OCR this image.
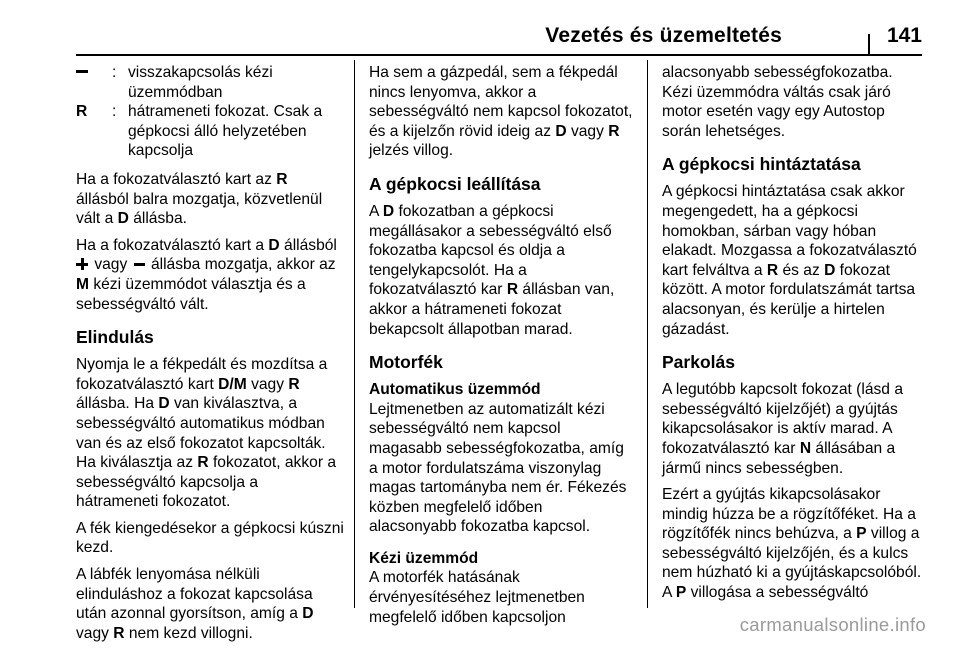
Vezetés és üzemeltetés	141
: visszakapcsolás kézi üzemmódban
R	: hátrameneti fokozat. Csak a gépkocsi álló helyzetében kapcsolja

Ha a fokozatválasztó kart az R állásból balra mozgatja, közvetlenül vált a D állásba.

Ha a fokozatválasztó kart a D állásból  vagy  állásba mozgatja, akkor az M kézi üzemmódot választja és a sebességváltó vált.

Elindulás

Nyomja le a fékpedált és mozdítsa a fokozatválasztó kart D/M vagy R állásba. Ha D van kiválasztva, a sebességváltó automatikus módban van és az első fokozatot kapcsolták. Ha kiválasztja az R fokozatot, akkor a sebességváltó kapcsolja a hátrameneti fokozatot.

A fék kiengedésekor a gépkocsi kúszni kezd.

A lábfék lenyomása nélküli elinduláshoz a fokozat kapcsolása után azonnal gyorsítson, amíg a D vagy R nem kezd villogni.

Ha sem a gázpedál, sem a fékpedál nincs lenyomva, akkor a sebességváltó nem kapcsol fokozatot, és a kijelzőn rövid ideig az D vagy R jelzés villog.

A gépkocsi leállítása

A D fokozatban a gépkocsi megállásakor a sebességváltó első fokozatba kapcsol és oldja a tengelykapcsolót. Ha a fokozatválasztó kar R állásban van, akkor a hátrameneti fokozat bekapcsolt állapotban marad.

Motorfék
Automatikus üzemmód

Lejtmenetben az automatizált kézi sebességváltó nem kapcsol magasabb sebességfokozatba, amíg a motor fordulatszáma viszonylag magas tartományba nem ér. Fékezés közben megfelelő időben alacsonyabb fokozatba kapcsol.

Kézi üzemmód

A motorfék hatásának érvényesítéséhez lejtmenetben megfelelő időben kapcsoljon

alacsonyabb sebességfokozatba. Kézi üzemmódra váltás csak járó motor esetén vagy egy Autostop során lehetséges.

A gépkocsi hintáztatása

A gépkocsi hintáztatása csak akkor megengedett, ha a gépkocsi homokban, sárban vagy hóban elakadt. Mozgassa a fokozatválasztó kart felváltva a R és az D fokozat között. A motor fordulatszámát tartsa alacsonyan, és kerülje a hirtelen gázadást.

Parkolás

A legutóbb kapcsolt fokozat (lásd a sebességváltó kijelzőjét) a gyújtás kikapcsolásakor is aktív marad. A fokozatválasztó kar N állásában a jármű nincs sebességben.

Ezért a gyújtás kikapcsolásakor mindig húzza be a rögzítőféket. Ha a rögzítőfék nincs behúzva, a P villog a sebességváltó kijelzőjén, és a kulcs nem húzható ki a gyújtáskapcsolóból. A P villogása a sebességváltó

carmanualsonline.info
